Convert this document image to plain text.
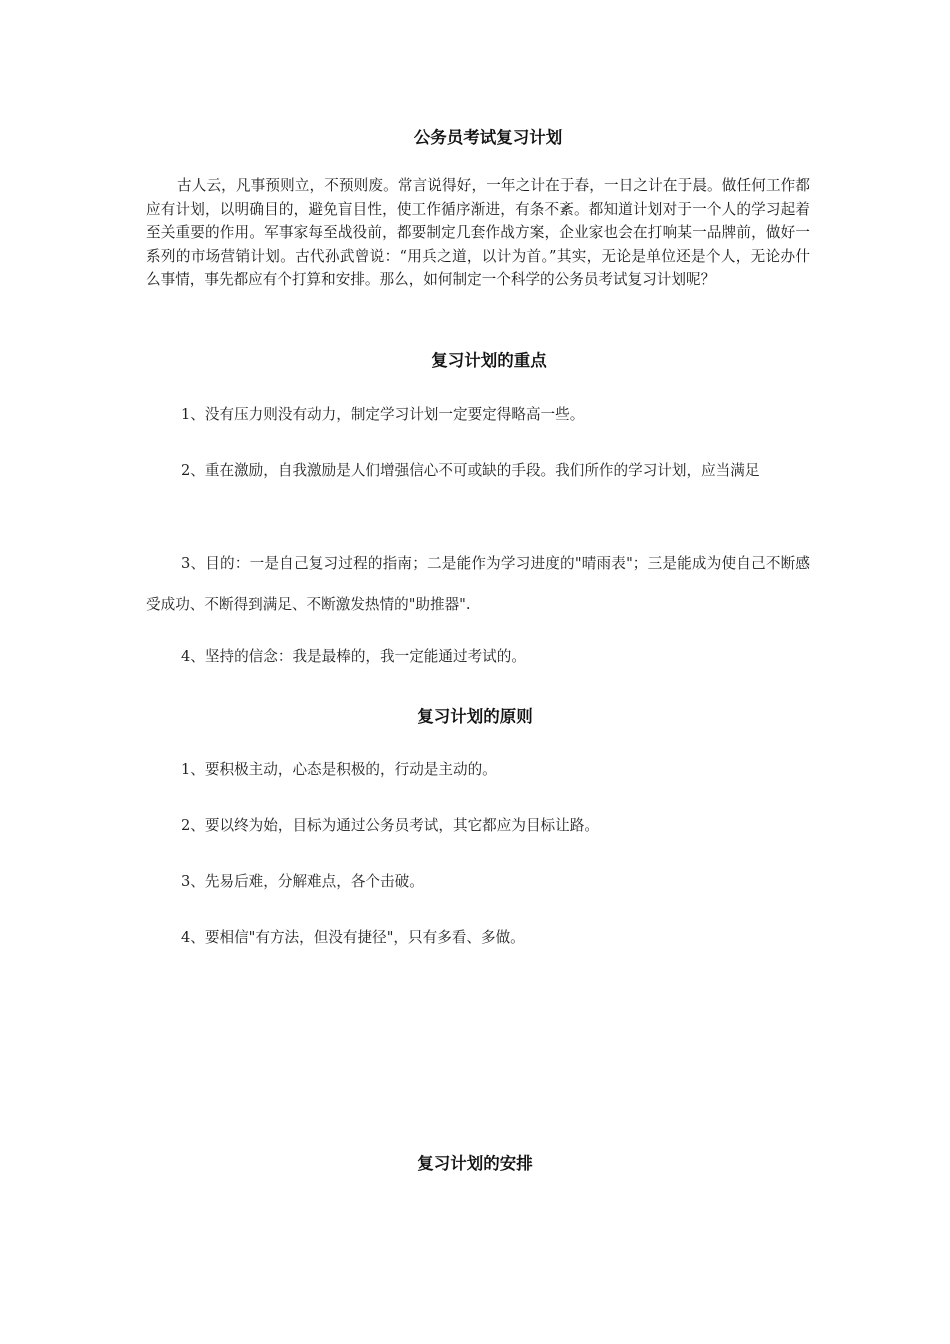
公务员考试复习计划

古人云，凡事预则立，不预则废。常言说得好，一年之计在于春，一日之计在于晨。做任何工作都应有计划，以明确目的，避免盲目性，使工作循序渐进，有条不紊。都知道计划对于一个人的学习起着至关重要的作用。军事家每至战役前，都要制定几套作战方案，企业家也会在打响某一品牌前，做好一系列的市场营销计划。古代孙武曾说：“用兵之道，以计为首。”其实，无论是单位还是个人，无论办什么事情，事先都应有个打算和安排。那么，如何制定一个科学的公务员考试复习计划呢？

复习计划的重点

1、没有压力则没有动力，制定学习计划一定要定得略高一些。

2、重在激励，自我激励是人们增强信心不可或缺的手段。我们所作的学习计划，应当满足

3、目的：一是自己复习过程的指南；二是能作为学习进度的"晴雨表"；三是能成为使自己不断感受成功、不断得到满足、不断激发热情的"助推器".

4、坚持的信念：我是最棒的，我一定能通过考试的。

复习计划的原则

1、要积极主动，心态是积极的，行动是主动的。

2、要以终为始，目标为通过公务员考试，其它都应为目标让路。

3、先易后难，分解难点，各个击破。

4、要相信"有方法，但没有捷径"，只有多看、多做。

复习计划的安排
